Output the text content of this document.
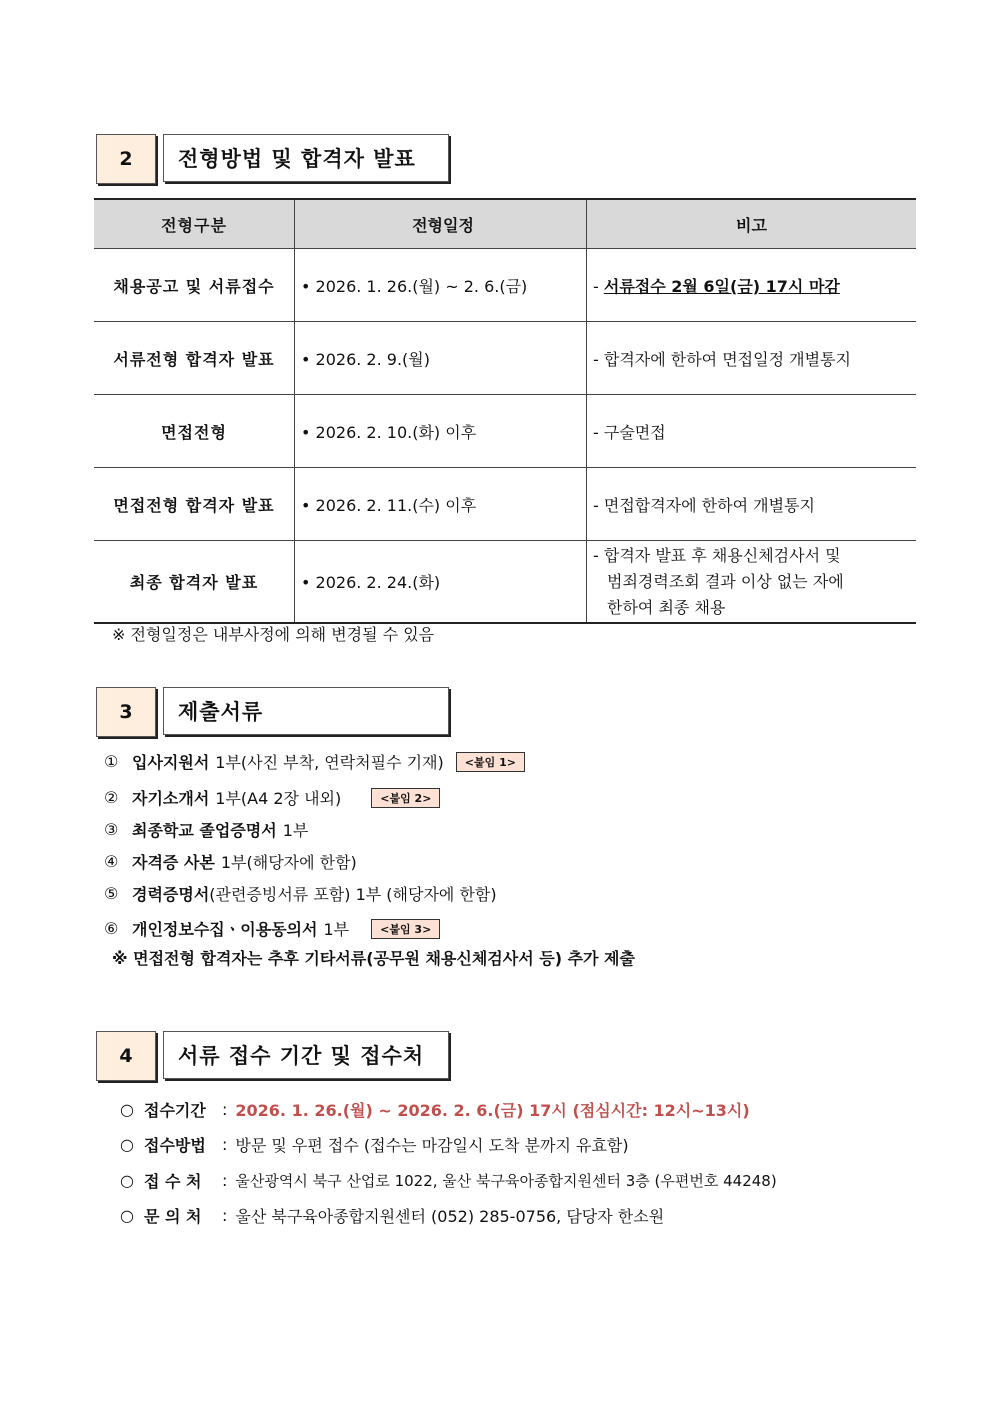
2	전형방법 및 합격자 발표
전형구분	전형일정	비고
채용공고 및 서류접수	• 2026. 1. 26.(월) ~ 2. 6.(금)	- 서류접수 2월 6일(금) 17시 마감
서류전형 합격자 발표	• 2026. 2. 9.(월)	- 합격자에 한하여 면접일정 개별통지
면접전형	• 2026. 2. 10.(화) 이후	- 구술면접
면접전형 합격자 발표	• 2026. 2. 11.(수) 이후	- 면접합격자에 한하여 개별통지
최종 합격자 발표	• 2026. 2. 24.(화)	- 합격자 발표 후 채용신체검사서 및
범죄경력조회 결과 이상 없는 자에
한하여 최종 채용
※ 전형일정은 내부사정에 의해 변경될 수 있음
3	제출서류
① 입사지원서 1부(사진 부착, 연락처필수 기재)	<붙임 1>
② 자기소개서 1부(A4 2장 내외)	<붙임 2>
③ 최종학교 졸업증명서 1부
④ 자격증 사본 1부(해당자에 한함)
⑤ 경력증명서 (관련증빙서류 포함) 1부 (해당자에 한함)
⑥ 개인정보수집ㆍ이용동의서 1부	<붙임 3>
※ 면접전형 합격자는 추후 기타서류(공무원 채용신체검사서 등) 추가 제출
4	서류 접수 기간 및 접수처
○ 접수기간	: 2026. 1. 26.(월) ~ 2026. 2. 6.(금) 17시 (점심시간: 12시~13시)
○ 접수방법	: 방문 및 우편 접수 (접수는 마감일시 도착 분까지 유효함)
○ 접 수 처	: 울산광역시 북구 산업로 1022, 울산 북구육아종합지원센터 3층 (우편번호 44248)
○ 문 의 처	: 울산 북구육아종합지원센터 (052) 285-0756, 담당자 한소원
